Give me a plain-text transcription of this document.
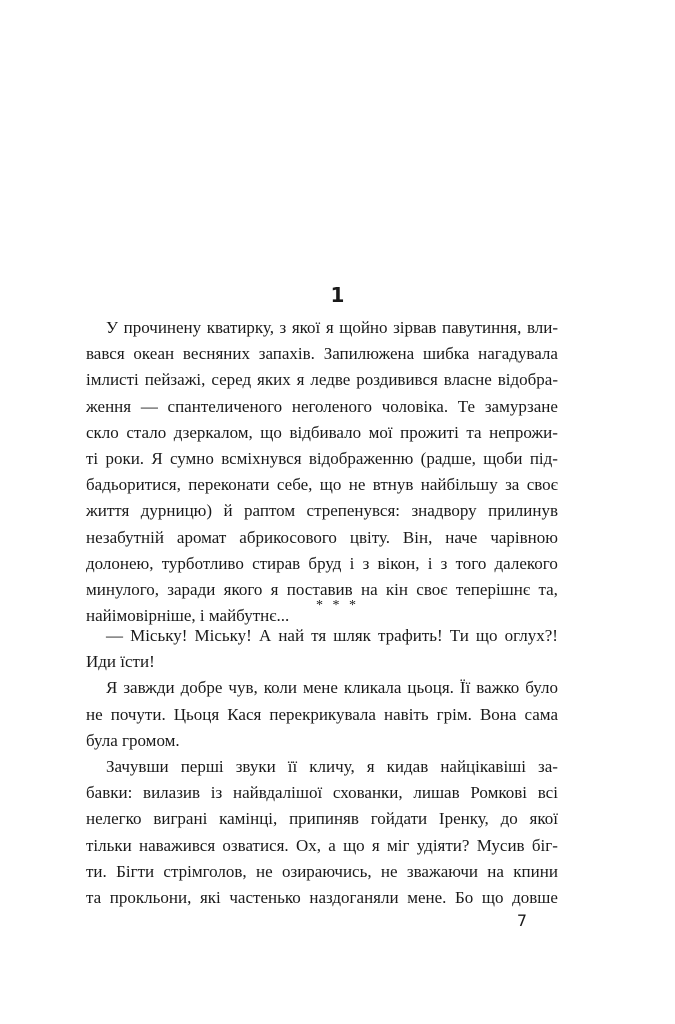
1
У прочинену кватирку, з якої я щойно зірвав павутиння, вли-
вався океан весняних запахів. Запилюжена шибка нагадувала
імлисті пейзажі, серед яких я ледве роздивився власне відобра-
ження — спантеличеного неголеного чоловіка. Те замурзане
скло стало дзеркалом, що відбивало мої прожиті та непрожи-
ті роки. Я сумно всміхнувся відображенню (радше, щоби під-
бадьоритися, переконати себе, що не втнув найбільшу за своє
життя дурницю) й раптом стрепенувся: знадвору прилинув
незабутній аромат абрикосового цвіту. Він, наче чарівною
долонею, турботливо стирав бруд і з вікон, і з того далекого
минулого, заради якого я поставив на кін своє теперішнє та,
найімовірніше, і майбутнє...
* * *
— Міську! Міську! А най тя шляк трафить! Ти що оглух?!
Иди їсти!
Я завжди добре чув, коли мене кликала цьоця. Її важко було
не почути. Цьоця Кася перекрикувала навіть грім. Вона сама
була громом.
Зачувши перші звуки її кличу, я кидав найцікавіші за-
бавки: вилазив із найвдалішої схованки, лишав Ромкові всі
нелегко виграні камінці, припиняв гойдати Іренку, до якої
тільки наважився озватися. Ох, а що я міг удіяти? Мусив біг-
ти. Бігти стрімголов, не озираючись, не зважаючи на кпини
та прокльони, які частенько наздоганяли мене. Бо що довше
7
